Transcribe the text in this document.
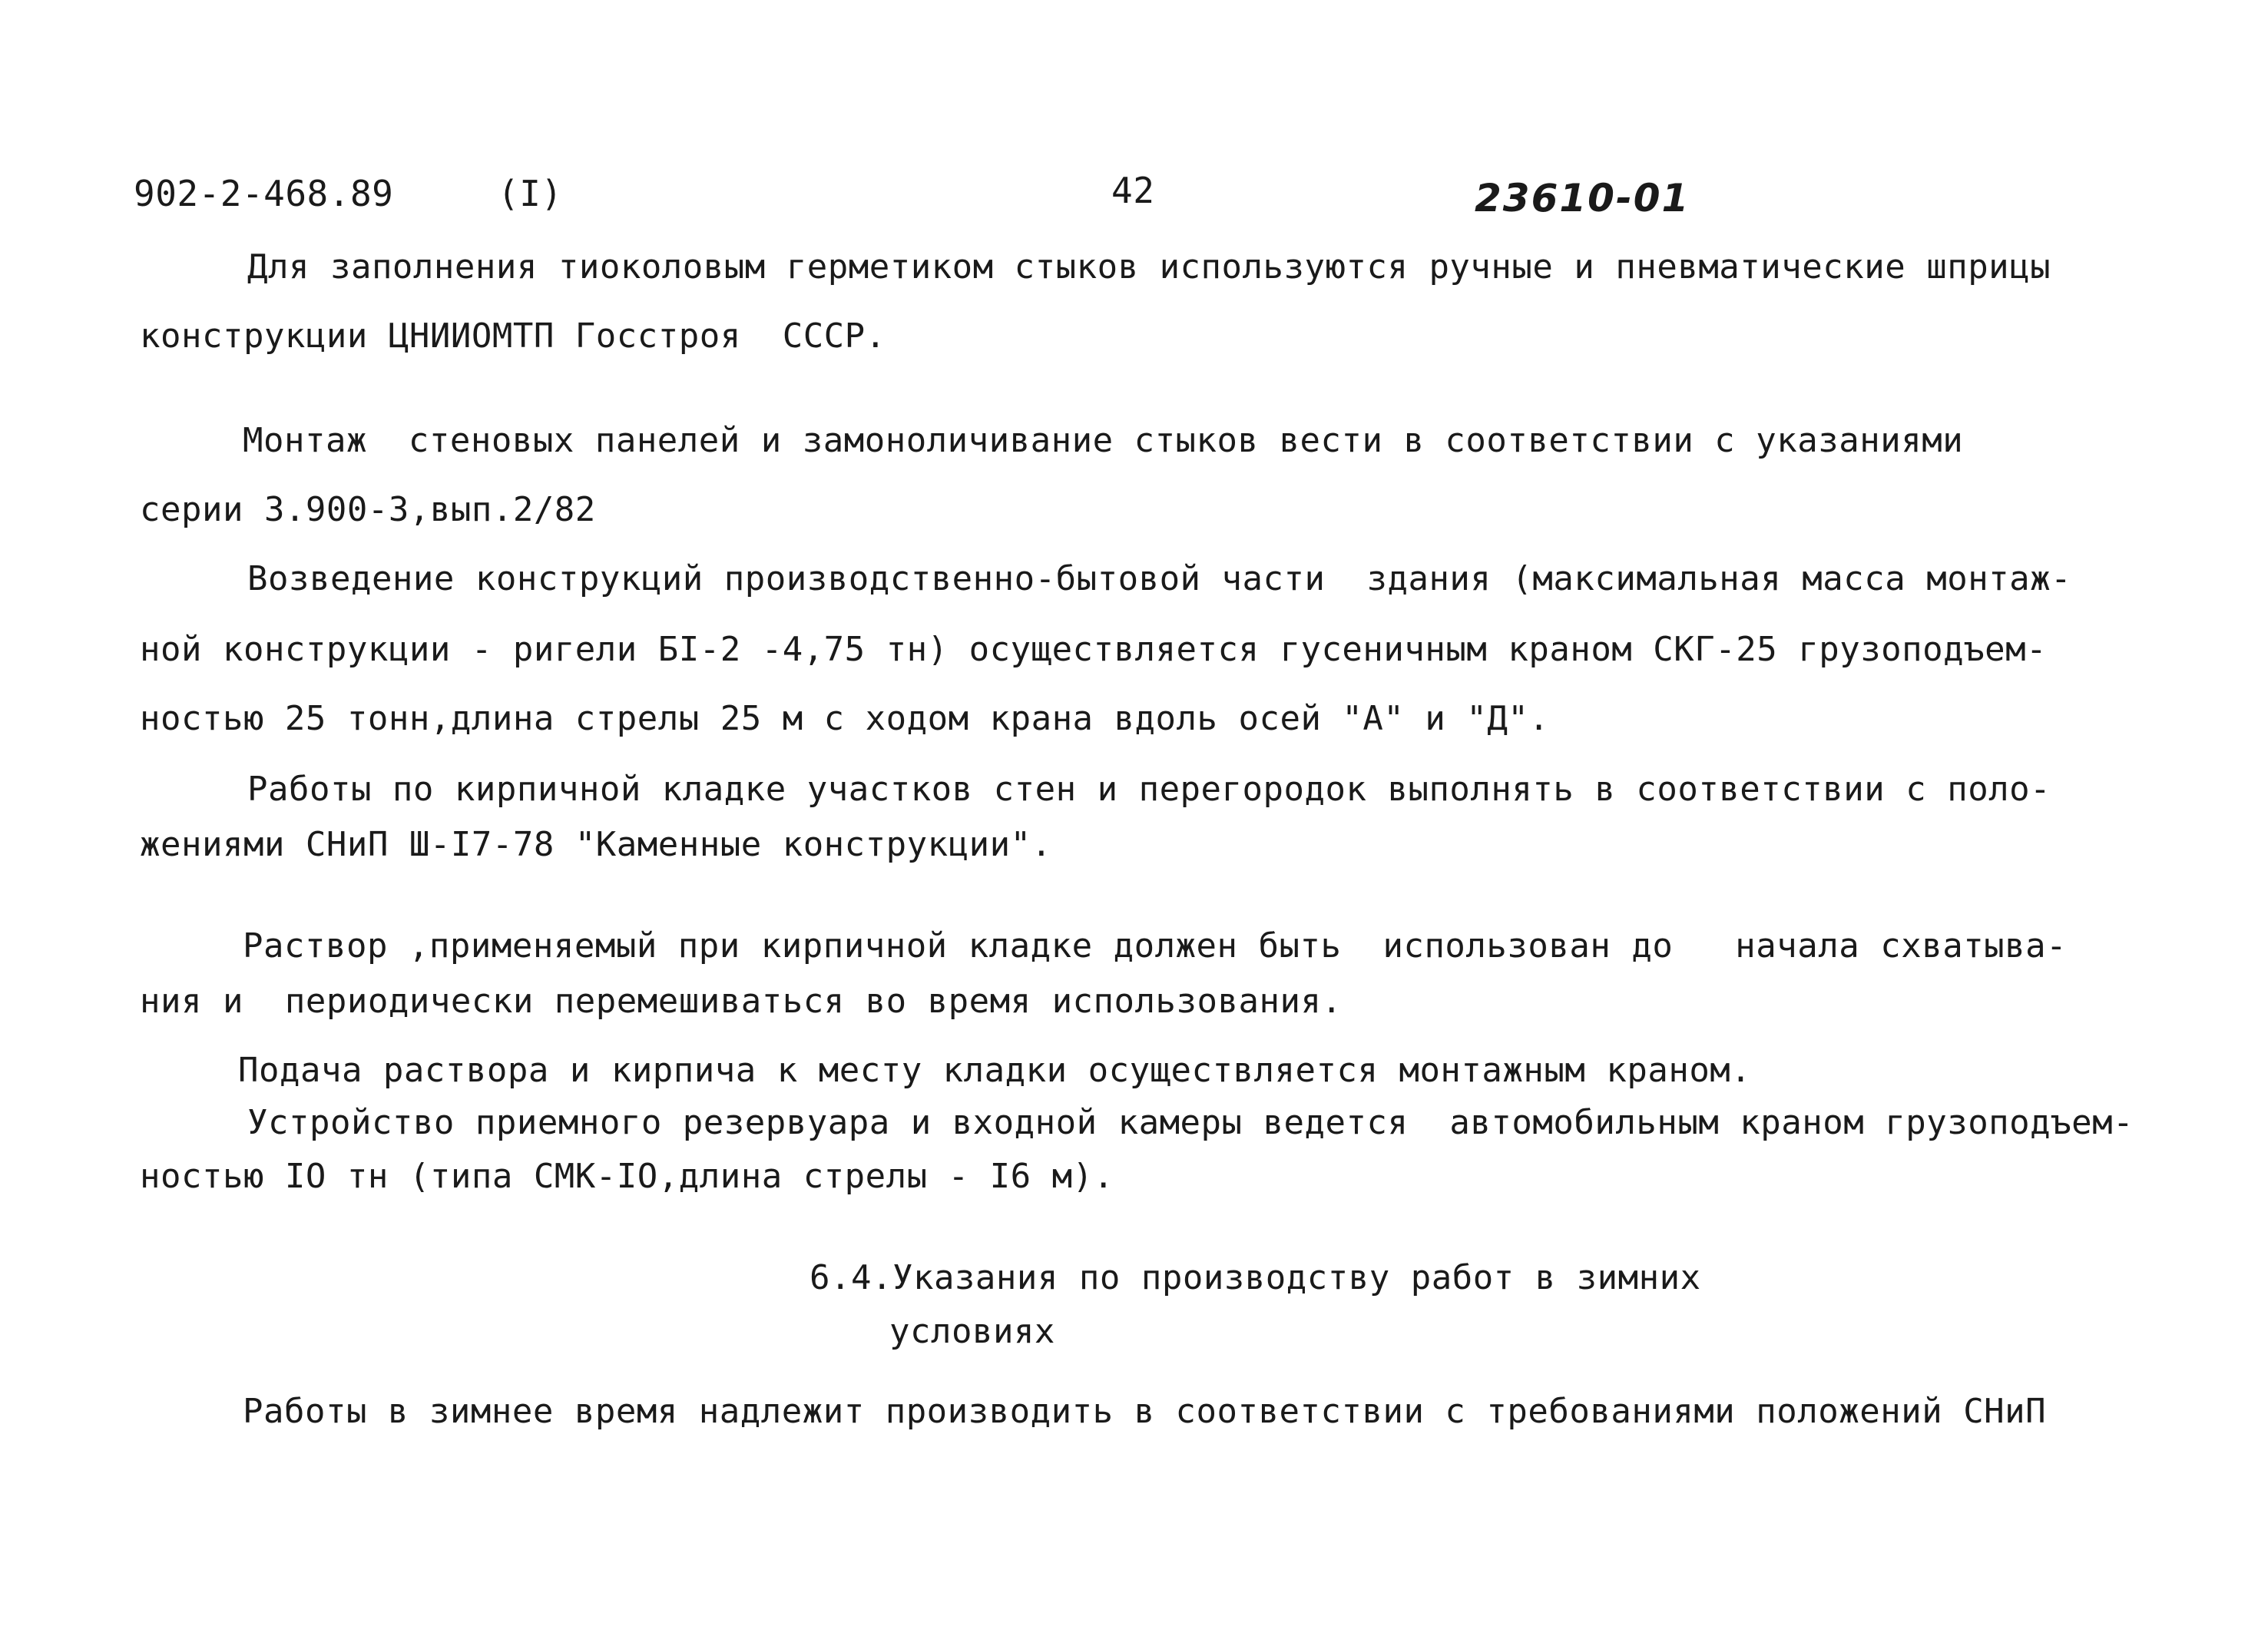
902-2-468.89	(I)	42	23610-01
Для заполнения тиоколовым герметиком стыков используются ручные и пневматические шприцы
конструкции ЦНИИОМТП Госстроя  СССР.
Монтаж  стеновых панелей и замоноличивание стыков вести в соответствии с указаниями
серии 3.900-3,вып.2/82
Возведение конструкций производственно-бытовой части  здания (максимальная масса монтаж-
ной конструкции - ригели БI-2 -4,75 тн) осуществляется гусеничным краном СКГ-25 грузоподъем-
ностью 25 тонн,длина стрелы 25 м с ходом крана вдоль осей "А" и "Д".
Работы по кирпичной кладке участков стен и перегородок выполнять в соответствии с поло-
жениями СНиП Ш-I7-78 "Каменные конструкции".
Раствор ,применяемый при кирпичной кладке должен быть  использован до   начала схватыва-
ния и  периодически перемешиваться во время использования.
Подача раствора и кирпича к месту кладки осуществляется монтажным краном.
Устройство приемного резервуара и входной камеры ведется  автомобильным краном грузоподъем-
ностью IO тн (типа СМК-IO,длина стрелы - I6 м).
6.4.Указания по производству работ в зимних
условиях
Работы в зимнее время надлежит производить в соответствии с требованиями положений СНиП
